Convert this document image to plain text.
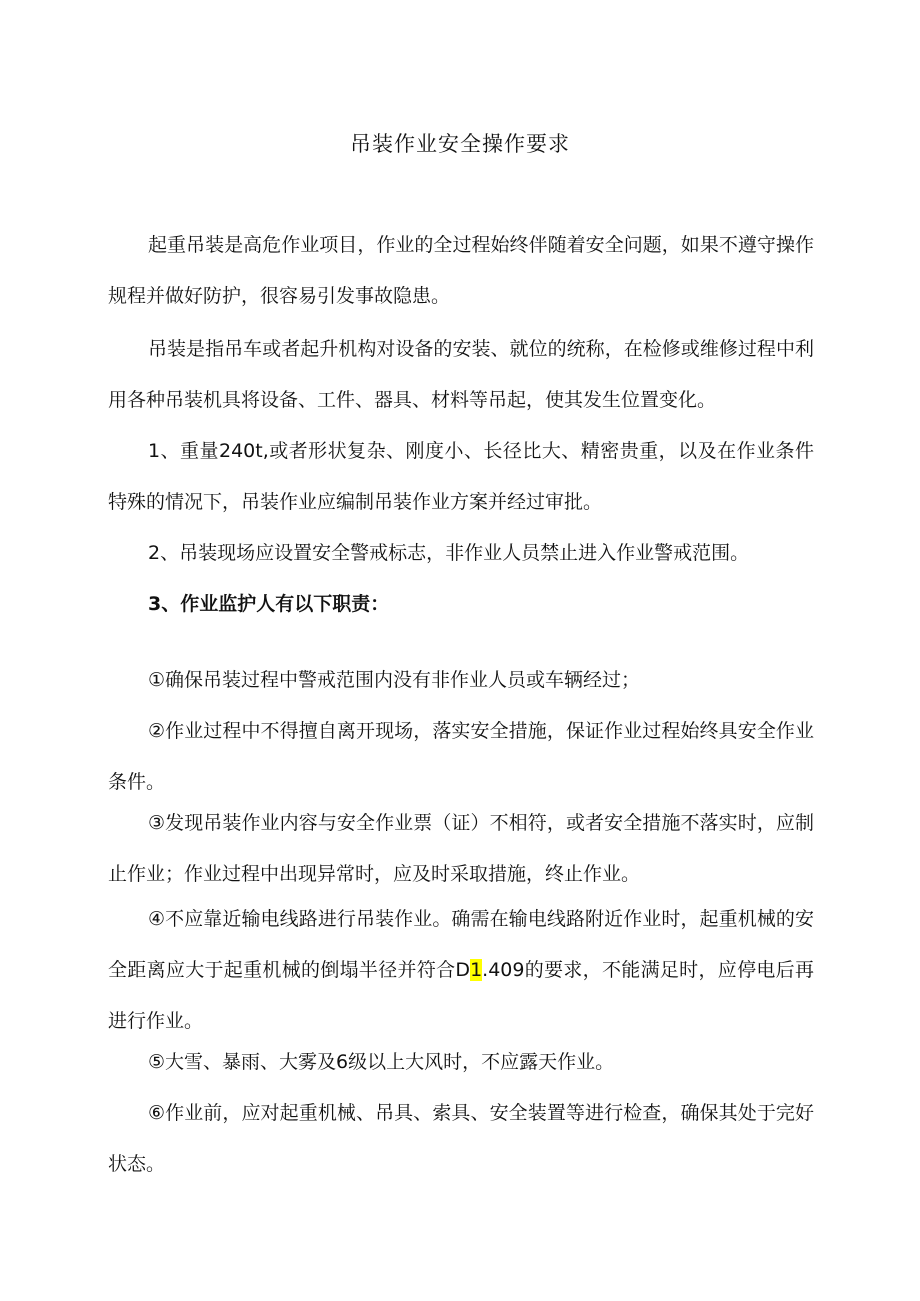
吊装作业安全操作要求

起重吊装是高危作业项目，作业的全过程始终伴随着安全问题，如果不遵守操作规程并做好防护，很容易引发事故隐患。

吊装是指吊车或者起升机构对设备的安装、就位的统称，在检修或维修过程中利用各种吊装机具将设备、工件、器具、材料等吊起，使其发生位置变化。

1、重量240t,或者形状复杂、刚度小、长径比大、精密贵重，以及在作业条件特殊的情况下，吊装作业应编制吊装作业方案并经过审批。

2、吊装现场应设置安全警戒标志，非作业人员禁止进入作业警戒范围。

3、作业监护人有以下职责：

①确保吊装过程中警戒范围内没有非作业人员或车辆经过；

②作业过程中不得擅自离开现场，落实安全措施，保证作业过程始终具安全作业条件。

③发现吊装作业内容与安全作业票（证）不相符，或者安全措施不落实时，应制止作业；作业过程中出现异常时，应及时采取措施，终止作业。

④不应靠近输电线路进行吊装作业。确需在输电线路附近作业时，起重机械的安全距离应大于起重机械的倒塌半径并符合D1.409的要求，不能满足时，应停电后再进行作业。

⑤大雪、暴雨、大雾及6级以上大风时，不应露天作业。

⑥作业前，应对起重机械、吊具、索具、安全装置等进行检查，确保其处于完好状态。
